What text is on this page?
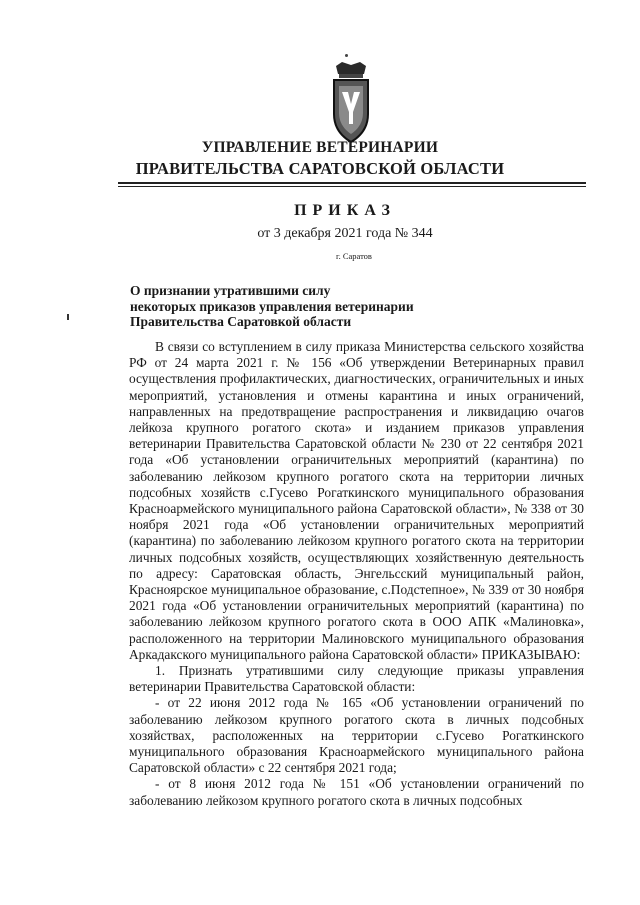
УПРАВЛЕНИЕ ВЕТЕРИНАРИИ
ПРАВИТЕЛЬСТВА САРАТОВСКОЙ ОБЛАСТИ
ПРИКАЗ
от 3 декабря 2021 года № 344
г. Саратов
О признании утратившими силу
некоторых приказов управления ветеринарии
Правительства Саратовкой области

В связи со вступлением в силу приказа Министерства сельского хозяйства РФ от 24 марта 2021 г. № 156 «Об утверждении Ветеринарных правил осуществления профилактических, диагностических, ограничительных и иных мероприятий, установления и отмены карантина и иных ограничений, направленных на предотвращение распространения и ликвидацию очагов лейкоза крупного рогатого скота» и изданием приказов управления ветеринарии Правительства Саратовской области № 230 от 22 сентября 2021 года «Об установлении ограничительных мероприятий (карантина) по заболеванию лейкозом крупного рогатого скота на территории личных подсобных хозяйств с.Гусево Рогаткинского муниципального образования Красноармейского муниципального района Саратовской области», № 338 от 30 ноября 2021 года «Об установлении ограничительных мероприятий (карантина) по заболеванию лейкозом крупного рогатого скота на территории личных подсобных хозяйств, осуществляющих хозяйственную деятельность по адресу: Саратовская область, Энгельсский муниципальный район, Красноярское муниципальное образование, с.Подстепное», № 339 от 30 ноября 2021 года «Об установлении ограничительных мероприятий (карантина) по заболеванию лейкозом крупного рогатого скота в ООО АПК «Малиновка», расположенного на территории Малиновского муниципального образования Аркадакского муниципального района Саратовской области» ПРИКАЗЫВАЮ:

1. Признать утратившими силу следующие приказы управления ветеринарии Правительства Саратовской области:

- от 22 июня 2012 года № 165 «Об установлении ограничений по заболеванию лейкозом крупного рогатого скота в личных подсобных хозяйствах, расположенных на территории с.Гусево Рогаткинского муниципального образования Красноармейского муниципального района Саратовской области» с 22 сентября 2021 года;

- от 8 июня 2012 года № 151 «Об установлении ограничений по заболеванию лейкозом крупного рогатого скота в личных подсобных
